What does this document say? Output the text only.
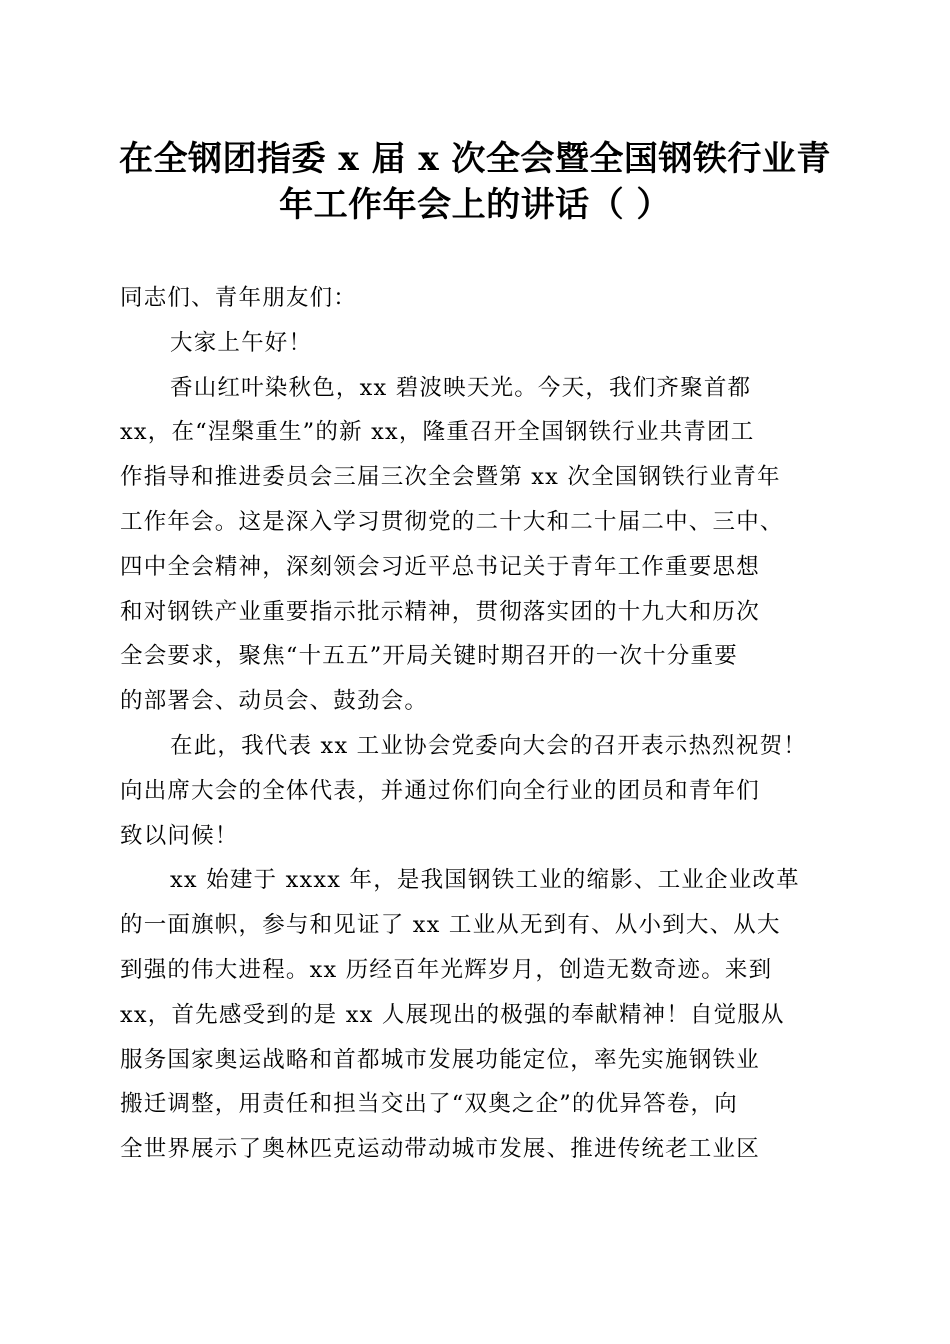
在全钢团指委 x 届 x 次全会暨全国钢铁行业青
年工作年会上的讲话（ ）
同志们、青年朋友们：
大家上午好！
香山红叶染秋色，xx 碧波映天光。今天，我们齐聚首都
xx，在“涅槃重生”的新 xx，隆重召开全国钢铁行业共青团工
作指导和推进委员会三届三次全会暨第 xx 次全国钢铁行业青年
工作年会。这是深入学习贯彻党的二十大和二十届二中、三中、
四中全会精神，深刻领会习近平总书记关于青年工作重要思想
和对钢铁产业重要指示批示精神，贯彻落实团的十九大和历次
全会要求，聚焦“十五五”开局关键时期召开的一次十分重要
的部署会、动员会、鼓劲会。
在此，我代表 xx 工业协会党委向大会的召开表示热烈祝贺！
向出席大会的全体代表，并通过你们向全行业的团员和青年们
致以问候！
xx 始建于 xxxx 年，是我国钢铁工业的缩影、工业企业改革
的一面旗帜，参与和见证了 xx 工业从无到有、从小到大、从大
到强的伟大进程。xx 历经百年光辉岁月，创造无数奇迹。来到
xx，首先感受到的是 xx 人展现出的极强的奉献精神！自觉服从
服务国家奥运战略和首都城市发展功能定位，率先实施钢铁业
搬迁调整，用责任和担当交出了“双奥之企”的优异答卷，向
全世界展示了奥林匹克运动带动城市发展、推进传统老工业区
